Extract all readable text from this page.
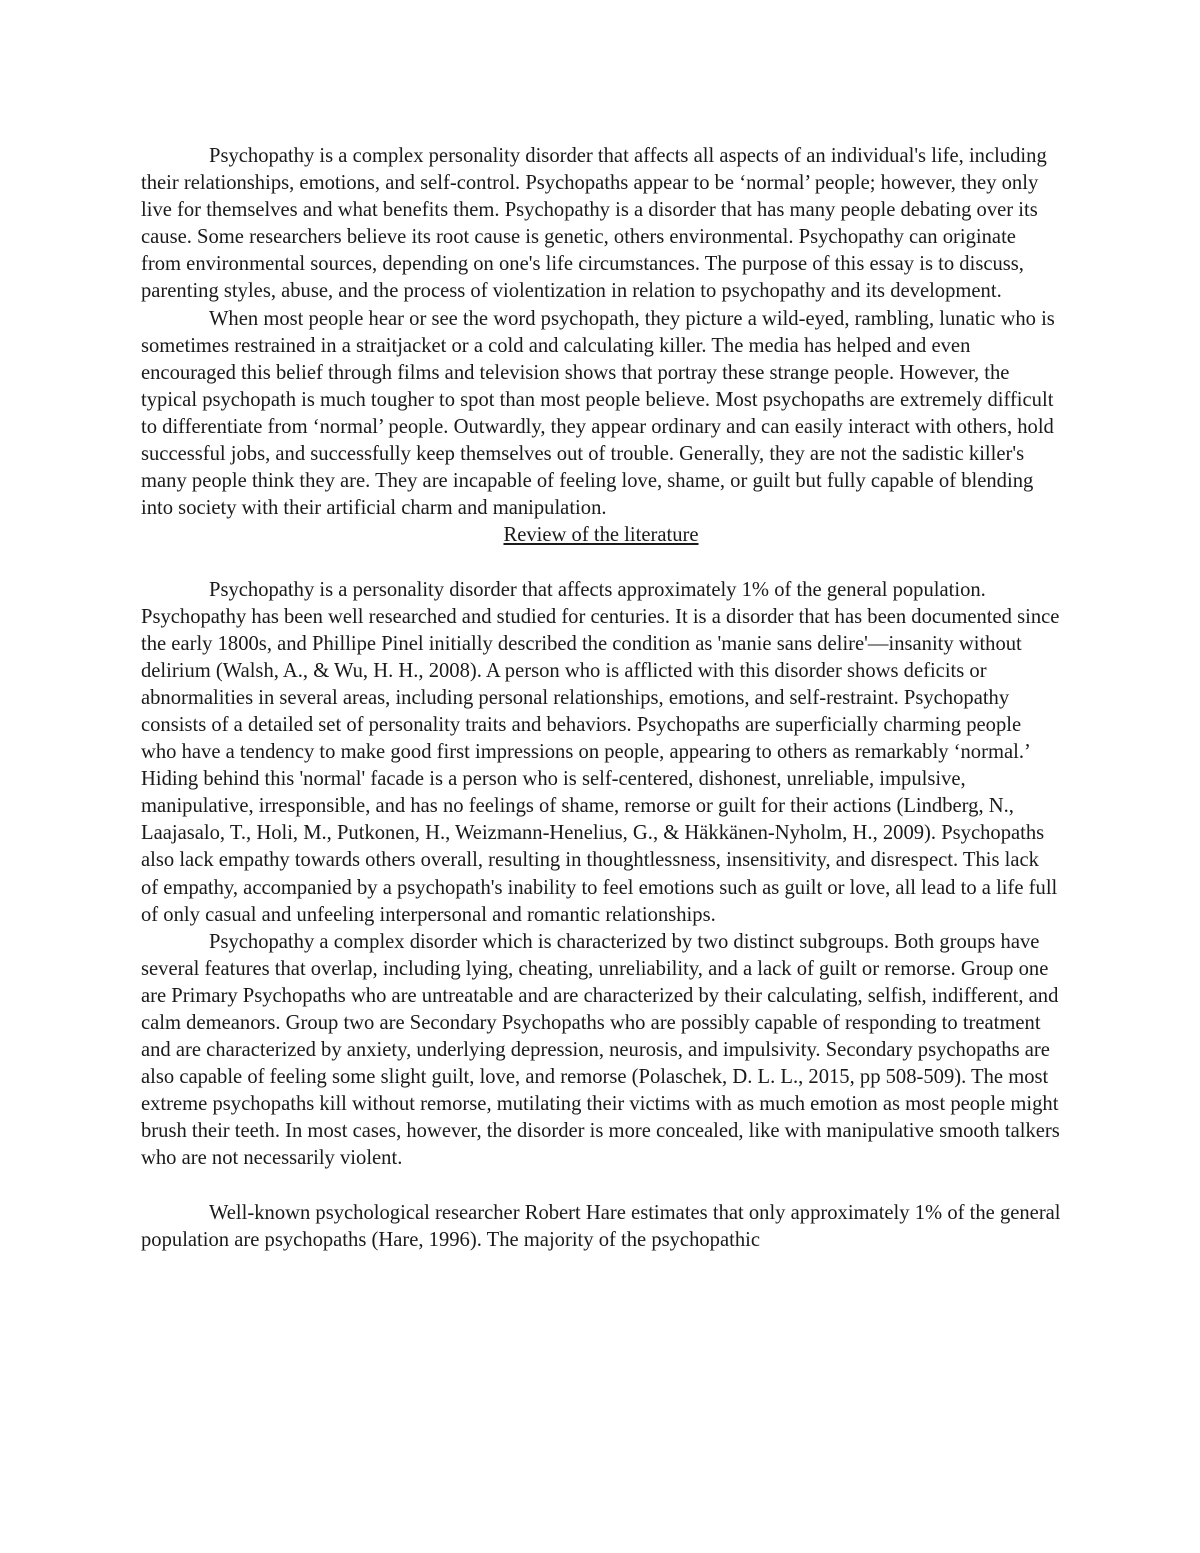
Psychopathy is a complex personality disorder that affects all aspects of an individual's life, including their relationships, emotions, and self-control. Psychopaths appear to be ‘normal’ people; however, they only live for themselves and what benefits them. Psychopathy is a disorder that has many people debating over its cause. Some researchers believe its root cause is genetic, others environmental. Psychopathy can originate from environmental sources, depending on one's life circumstances. The purpose of this essay is to discuss, parenting styles, abuse, and the process of violentization in relation to psychopathy and its development.

When most people hear or see the word psychopath, they picture a wild-eyed, rambling, lunatic who is sometimes restrained in a straitjacket or a cold and calculating killer. The media has helped and even encouraged this belief through films and television shows that portray these strange people. However, the typical psychopath is much tougher to spot than most people believe. Most psychopaths are extremely difficult to differentiate from ‘normal’ people. Outwardly, they appear ordinary and can easily interact with others, hold successful jobs, and successfully keep themselves out of trouble. Generally, they are not the sadistic killer's many people think they are. They are incapable of feeling love, shame, or guilt but fully capable of blending into society with their artificial charm and manipulation.

Review of the literature

Psychopathy is a personality disorder that affects approximately 1% of the general population. Psychopathy has been well researched and studied for centuries. It is a disorder that has been documented since the early 1800s, and Phillipe Pinel initially described the condition as 'manie sans delire'—insanity without delirium (Walsh, A., & Wu, H. H., 2008). A person who is afflicted with this disorder shows deficits or abnormalities in several areas, including personal relationships, emotions, and self-restraint. Psychopathy consists of a detailed set of personality traits and behaviors. Psychopaths are superficially charming people who have a tendency to make good first impressions on people, appearing to others as remarkably ‘normal.’ Hiding behind this 'normal' facade is a person who is self-centered, dishonest, unreliable, impulsive, manipulative, irresponsible, and has no feelings of shame, remorse or guilt for their actions (Lindberg, N., Laajasalo, T., Holi, M., Putkonen, H., Weizmann-Henelius, G., & Häkkänen-Nyholm, H., 2009). Psychopaths also lack empathy towards others overall, resulting in thoughtlessness, insensitivity, and disrespect. This lack of empathy, accompanied by a psychopath's inability to feel emotions such as guilt or love, all lead to a life full of only casual and unfeeling interpersonal and romantic relationships.

Psychopathy a complex disorder which is characterized by two distinct subgroups. Both groups have several features that overlap, including lying, cheating, unreliability, and a lack of guilt or remorse. Group one are Primary Psychopaths who are untreatable and are characterized by their calculating, selfish, indifferent, and calm demeanors. Group two are Secondary Psychopaths who are possibly capable of responding to treatment and are characterized by anxiety, underlying depression, neurosis, and impulsivity. Secondary psychopaths are also capable of feeling some slight guilt, love, and remorse (Polaschek, D. L. L., 2015, pp 508-509). The most extreme psychopaths kill without remorse, mutilating their victims with as much emotion as most people might brush their teeth. In most cases, however, the disorder is more concealed, like with manipulative smooth talkers who are not necessarily violent.

Well-known psychological researcher Robert Hare estimates that only approximately 1% of the general population are psychopaths (Hare, 1996). The majority of the psychopathic
